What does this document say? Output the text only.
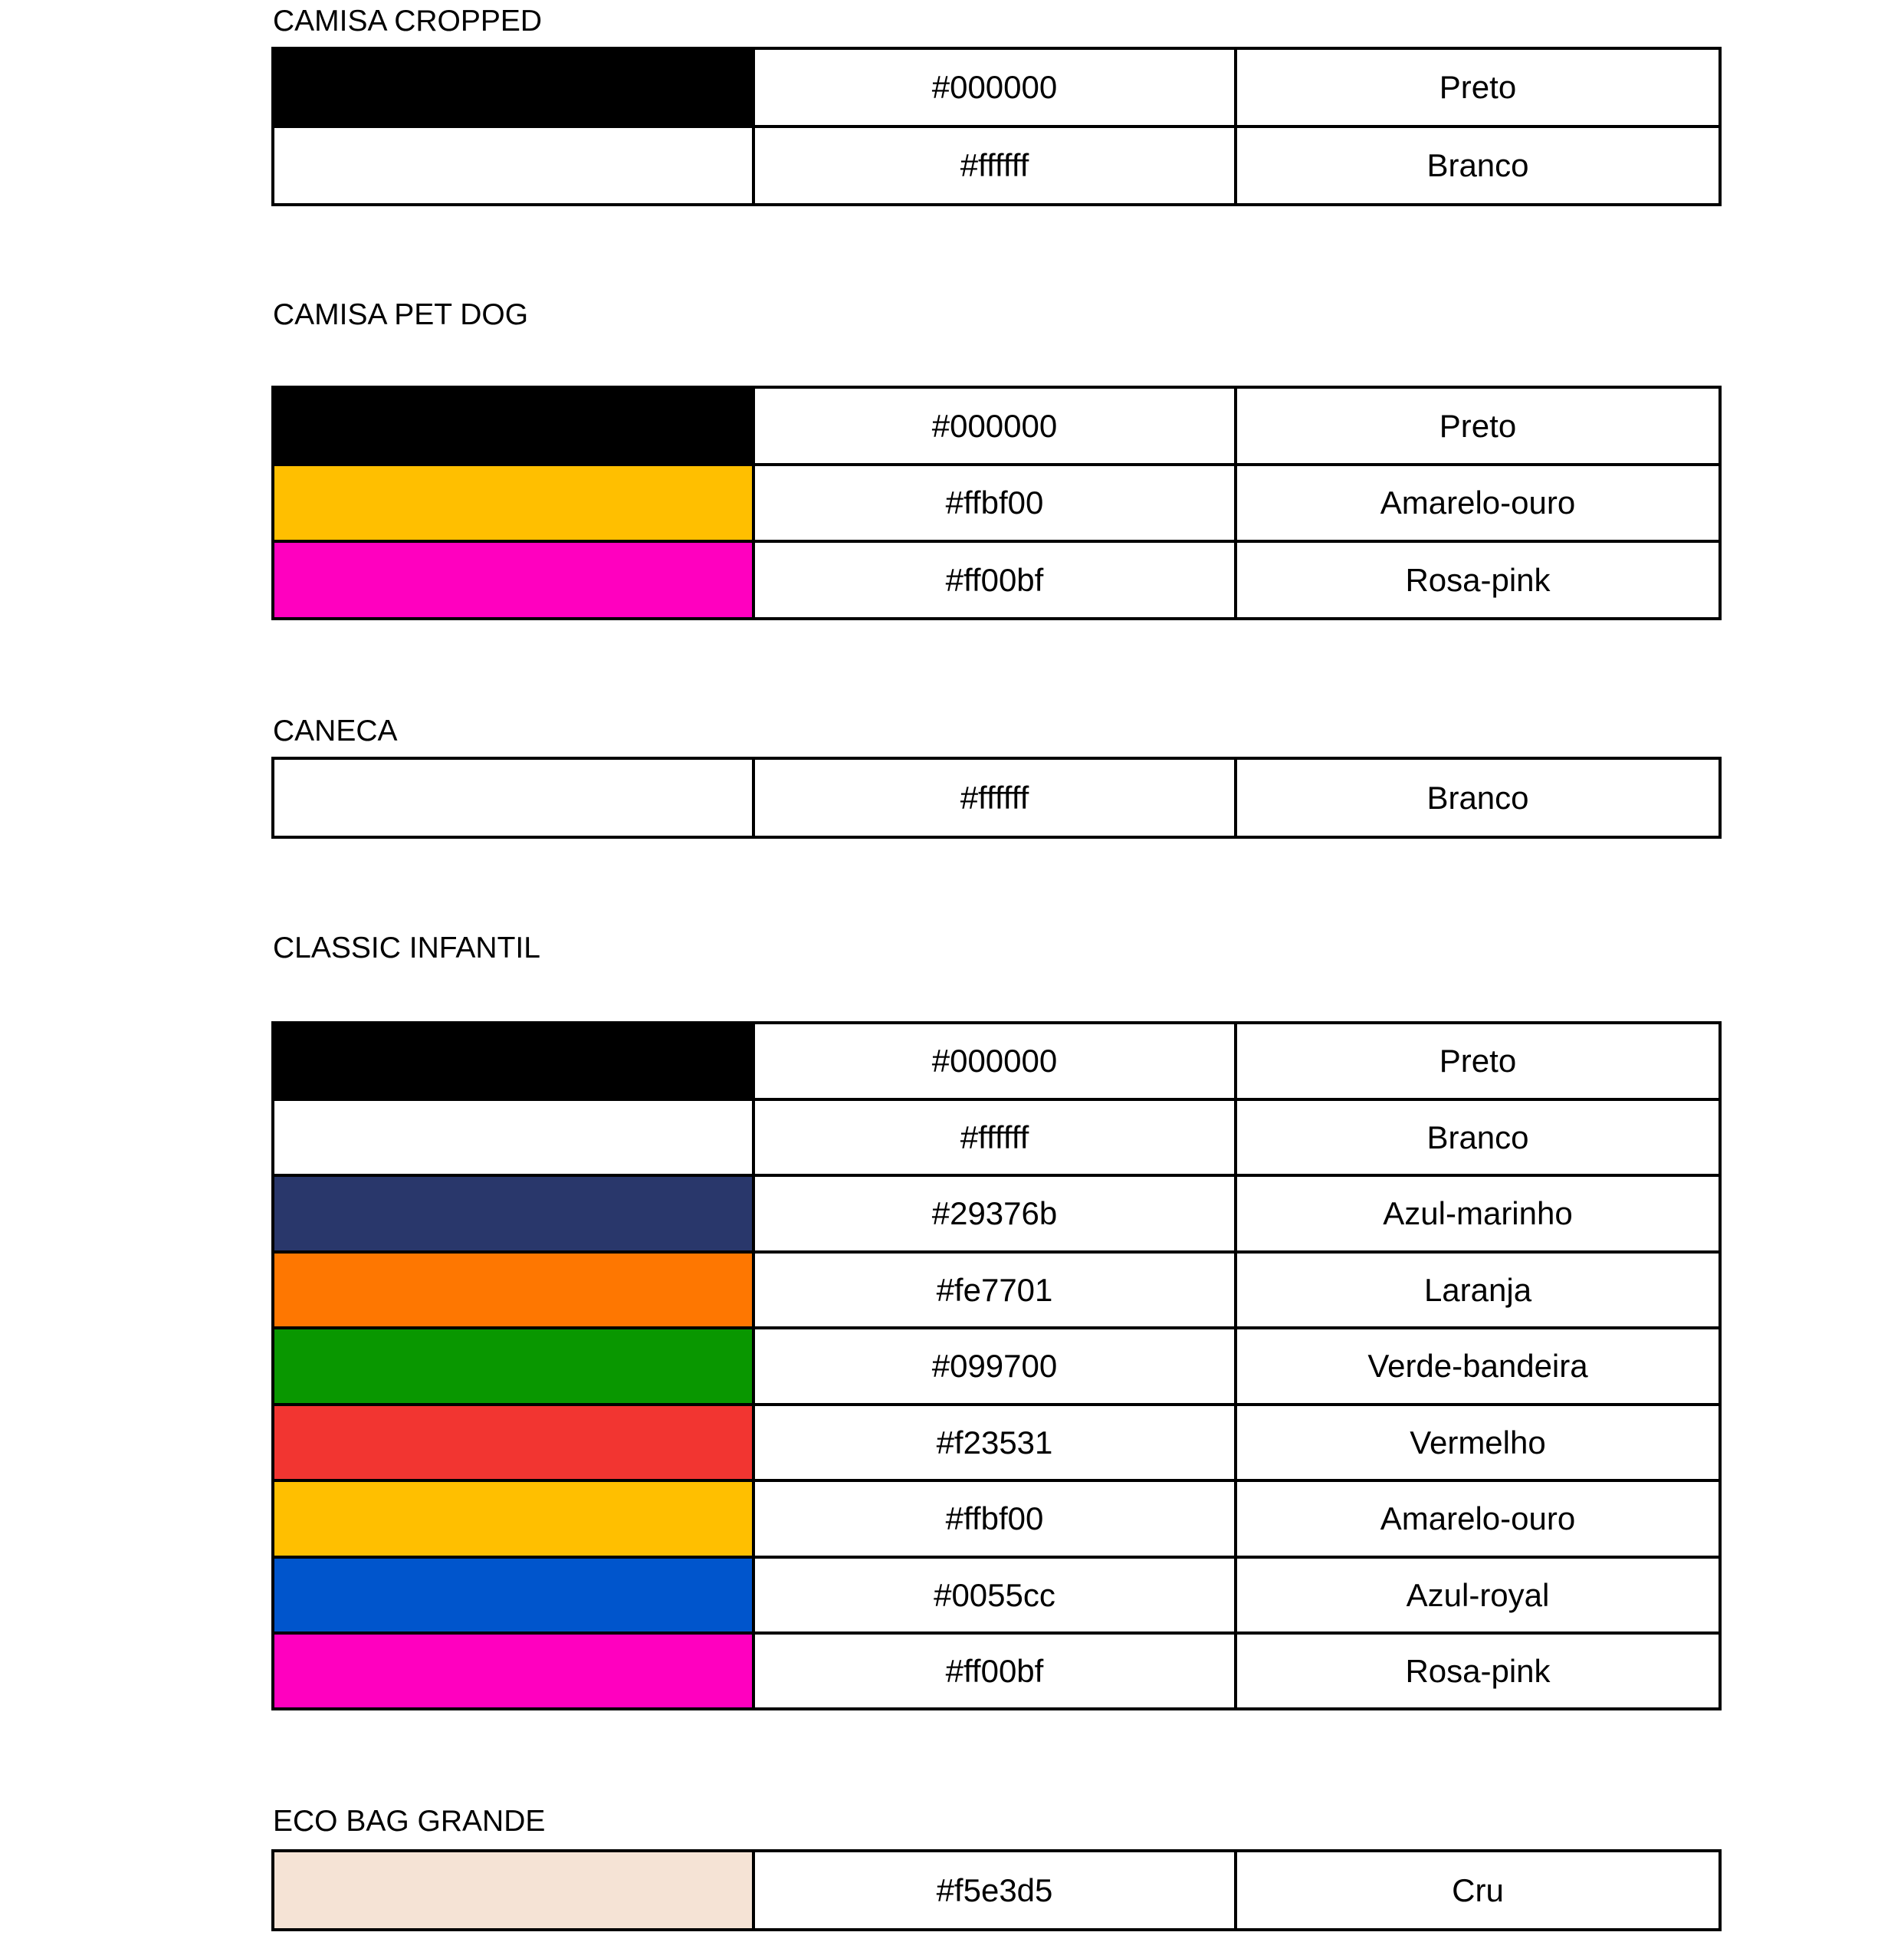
CAMISA CROPPED
	#000000	Preto
	#ffffff	Branco
CAMISA PET DOG
	#000000	Preto
	#ffbf00	Amarelo-ouro
	#ff00bf	Rosa-pink
CANECA
	#ffffff	Branco
CLASSIC INFANTIL
	#000000	Preto
	#ffffff	Branco
	#29376b	Azul-marinho
	#fe7701	Laranja
	#099700	Verde-bandeira
	#f23531	Vermelho
	#ffbf00	Amarelo-ouro
	#0055cc	Azul-royal
	#ff00bf	Rosa-pink
ECO BAG GRANDE
	#f5e3d5	Cru
